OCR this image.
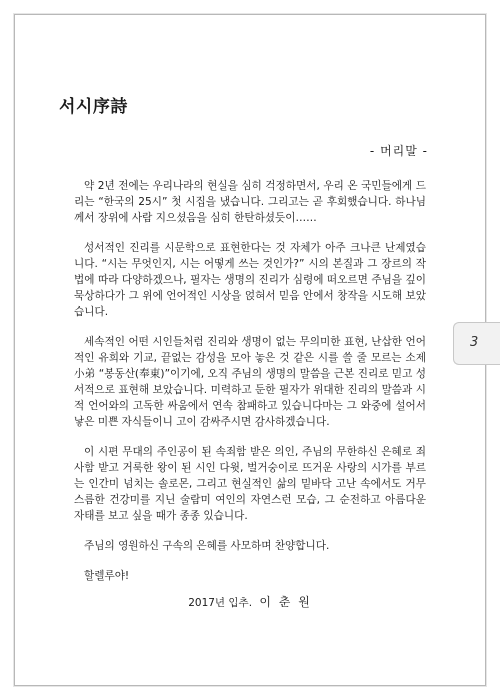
서시序詩
- 머리말 -

약 2년 전에는 우리나라의 현실을 심히 걱정하면서, 우리 온 국민들에게 드리는 “한국의 25시” 첫 시집을 냈습니다. 그리고는 곧 후회했습니다. 하나님께서 장위에 사람 지으셨음을 심히 한탄하셨듯이……

성서적인 진리를 시문학으로 표현한다는 것 자체가 아주 크나큰 난제였습니다. “시는 무엇인지, 시는 어떻게 쓰는 것인가?” 시의 본질과 그 장르의 작법에 따라 다양하겠으나, 필자는 생명의 진리가 심령에 떠오르면 주님을 깊이 묵상하다가 그 위에 언어적인 시상을 얹혀서 믿음 안에서 창작을 시도해 보았습니다.

세속적인 어떤 시인들처럼 진리와 생명이 없는 무의미한 표현, 난삽한 언어적인 유희와 기교, 끝없는 감성을 모아 놓은 것 같은 시를 쓸 줄 모르는 소제小弟 “봉동산(奉東)”이기에, 오직 주님의 생명의 말씀을 근본 진리로 믿고 성서적으로 표현해 보았습니다. 미력하고 둔한 필자가 위대한 진리의 말씀과 시적 언어와의 고독한 싸움에서 연속 참패하고 있습니다마는 그 와중에 설어서 낳은 미쁜 자식들이니 고이 감싸주시면 감사하겠습니다.

이 시편 무대의 주인공이 된 속죄함 받은 의인, 주님의 무한하신 은혜로 죄 사함 받고 거룩한 왕이 된 시인 다윗, 벌거숭이로 뜨거운 사랑의 시가를 부르는 인간미 넘치는 솔로몬, 그리고 현실적인 삶의 밑바닥 고난 속에서도 거무스름한 건강미를 지닌 술람미 여인의 자연스런 모습, 그 순전하고 아름다운 자태를 보고 싶을 때가 종종 있습니다.

주님의 영원하신 구속의 은혜를 사모하며 찬양합니다.

할렐루야!

2017년 입추. 이 춘 원
3
